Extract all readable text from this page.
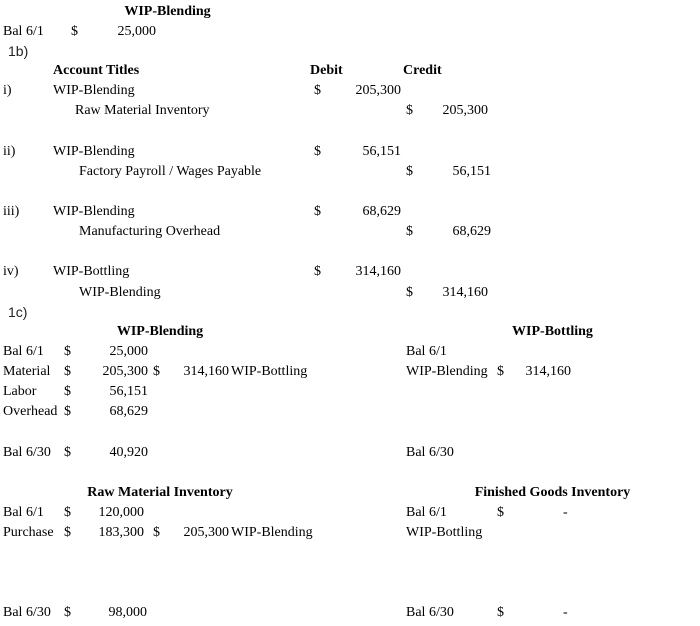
WIP-Blending
Bal 6/1 $	25,000
1b)
Account Titles	Debit	Credit
i)	WIP-Blending	$	205,300
Raw Material Inventory	$	205,300
ii)	WIP-Blending	$	56,151
Factory Payroll / Wages Payable	$	56,151
iii) WIP-Blending	$	68,629
Manufacturing Overhead	$	68,629
iv) WIP-Bottling	$	314,160
WIP-Blending	$	314,160
1c)
WIP-Blending
Bal 6/1 $	25,000
Material $	205,300 $	314,160 WIP-Bottling
Labor $	56,151
Overhead $	68,629
Bal 6/30 $	40,920
WIP-Bottling
Bal 6/1
WIP-Blending $	314,160
Bal 6/30
Raw Material Inventory
Bal 6/1 $	120,000
Purchase $	183,300 $	205,300 WIP-Blending
Bal 6/30 $	98,000
Finished Goods Inventory
Bal 6/1	$	-
WIP-Bottling
Bal 6/30	$	-
